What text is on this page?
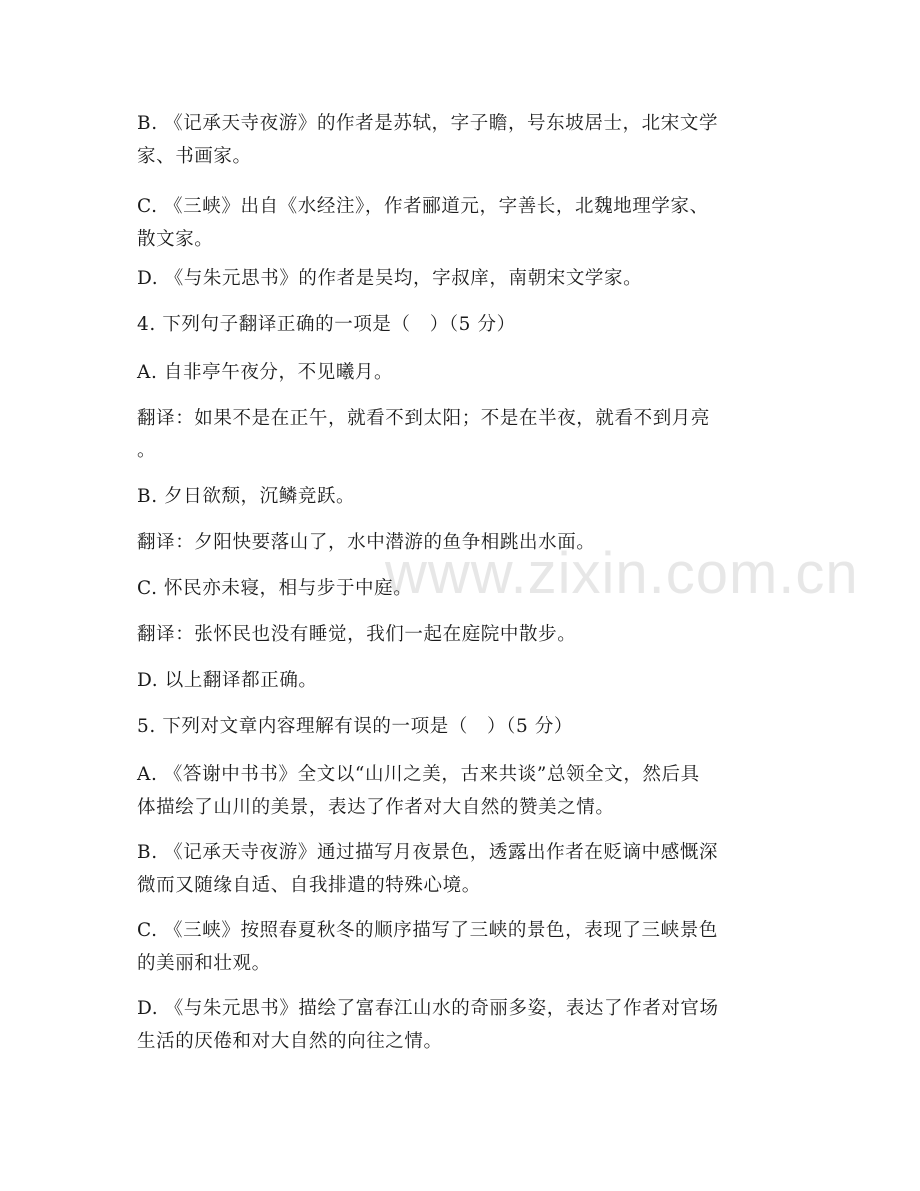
www.zixin.com.cn
B. 《记承天寺夜游》的作者是苏轼，字子瞻，号东坡居士，北宋文学
家、书画家。
C. 《三峡》出自《水经注》，作者郦道元，字善长，北魏地理学家、
散文家。
D. 《与朱元思书》的作者是吴均，字叔庠，南朝宋文学家。
4. 下列句子翻译正确的一项是（　）（5 分）
A. 自非亭午夜分，不见曦月。
翻译：如果不是在正午，就看不到太阳；不是在半夜，就看不到月亮
。
B. 夕日欲颓，沉鳞竞跃。
翻译：夕阳快要落山了，水中潜游的鱼争相跳出水面。
C. 怀民亦未寝，相与步于中庭。
翻译：张怀民也没有睡觉，我们一起在庭院中散步。
D. 以上翻译都正确。
5. 下列对文章内容理解有误的一项是（　）（5 分）
A. 《答谢中书书》全文以“山川之美，古来共谈”总领全文，然后具
体描绘了山川的美景，表达了作者对大自然的赞美之情。
B. 《记承天寺夜游》通过描写月夜景色，透露出作者在贬谪中感慨深
微而又随缘自适、自我排遣的特殊心境。
C. 《三峡》按照春夏秋冬的顺序描写了三峡的景色，表现了三峡景色
的美丽和壮观。
D. 《与朱元思书》描绘了富春江山水的奇丽多姿，表达了作者对官场
生活的厌倦和对大自然的向往之情。
